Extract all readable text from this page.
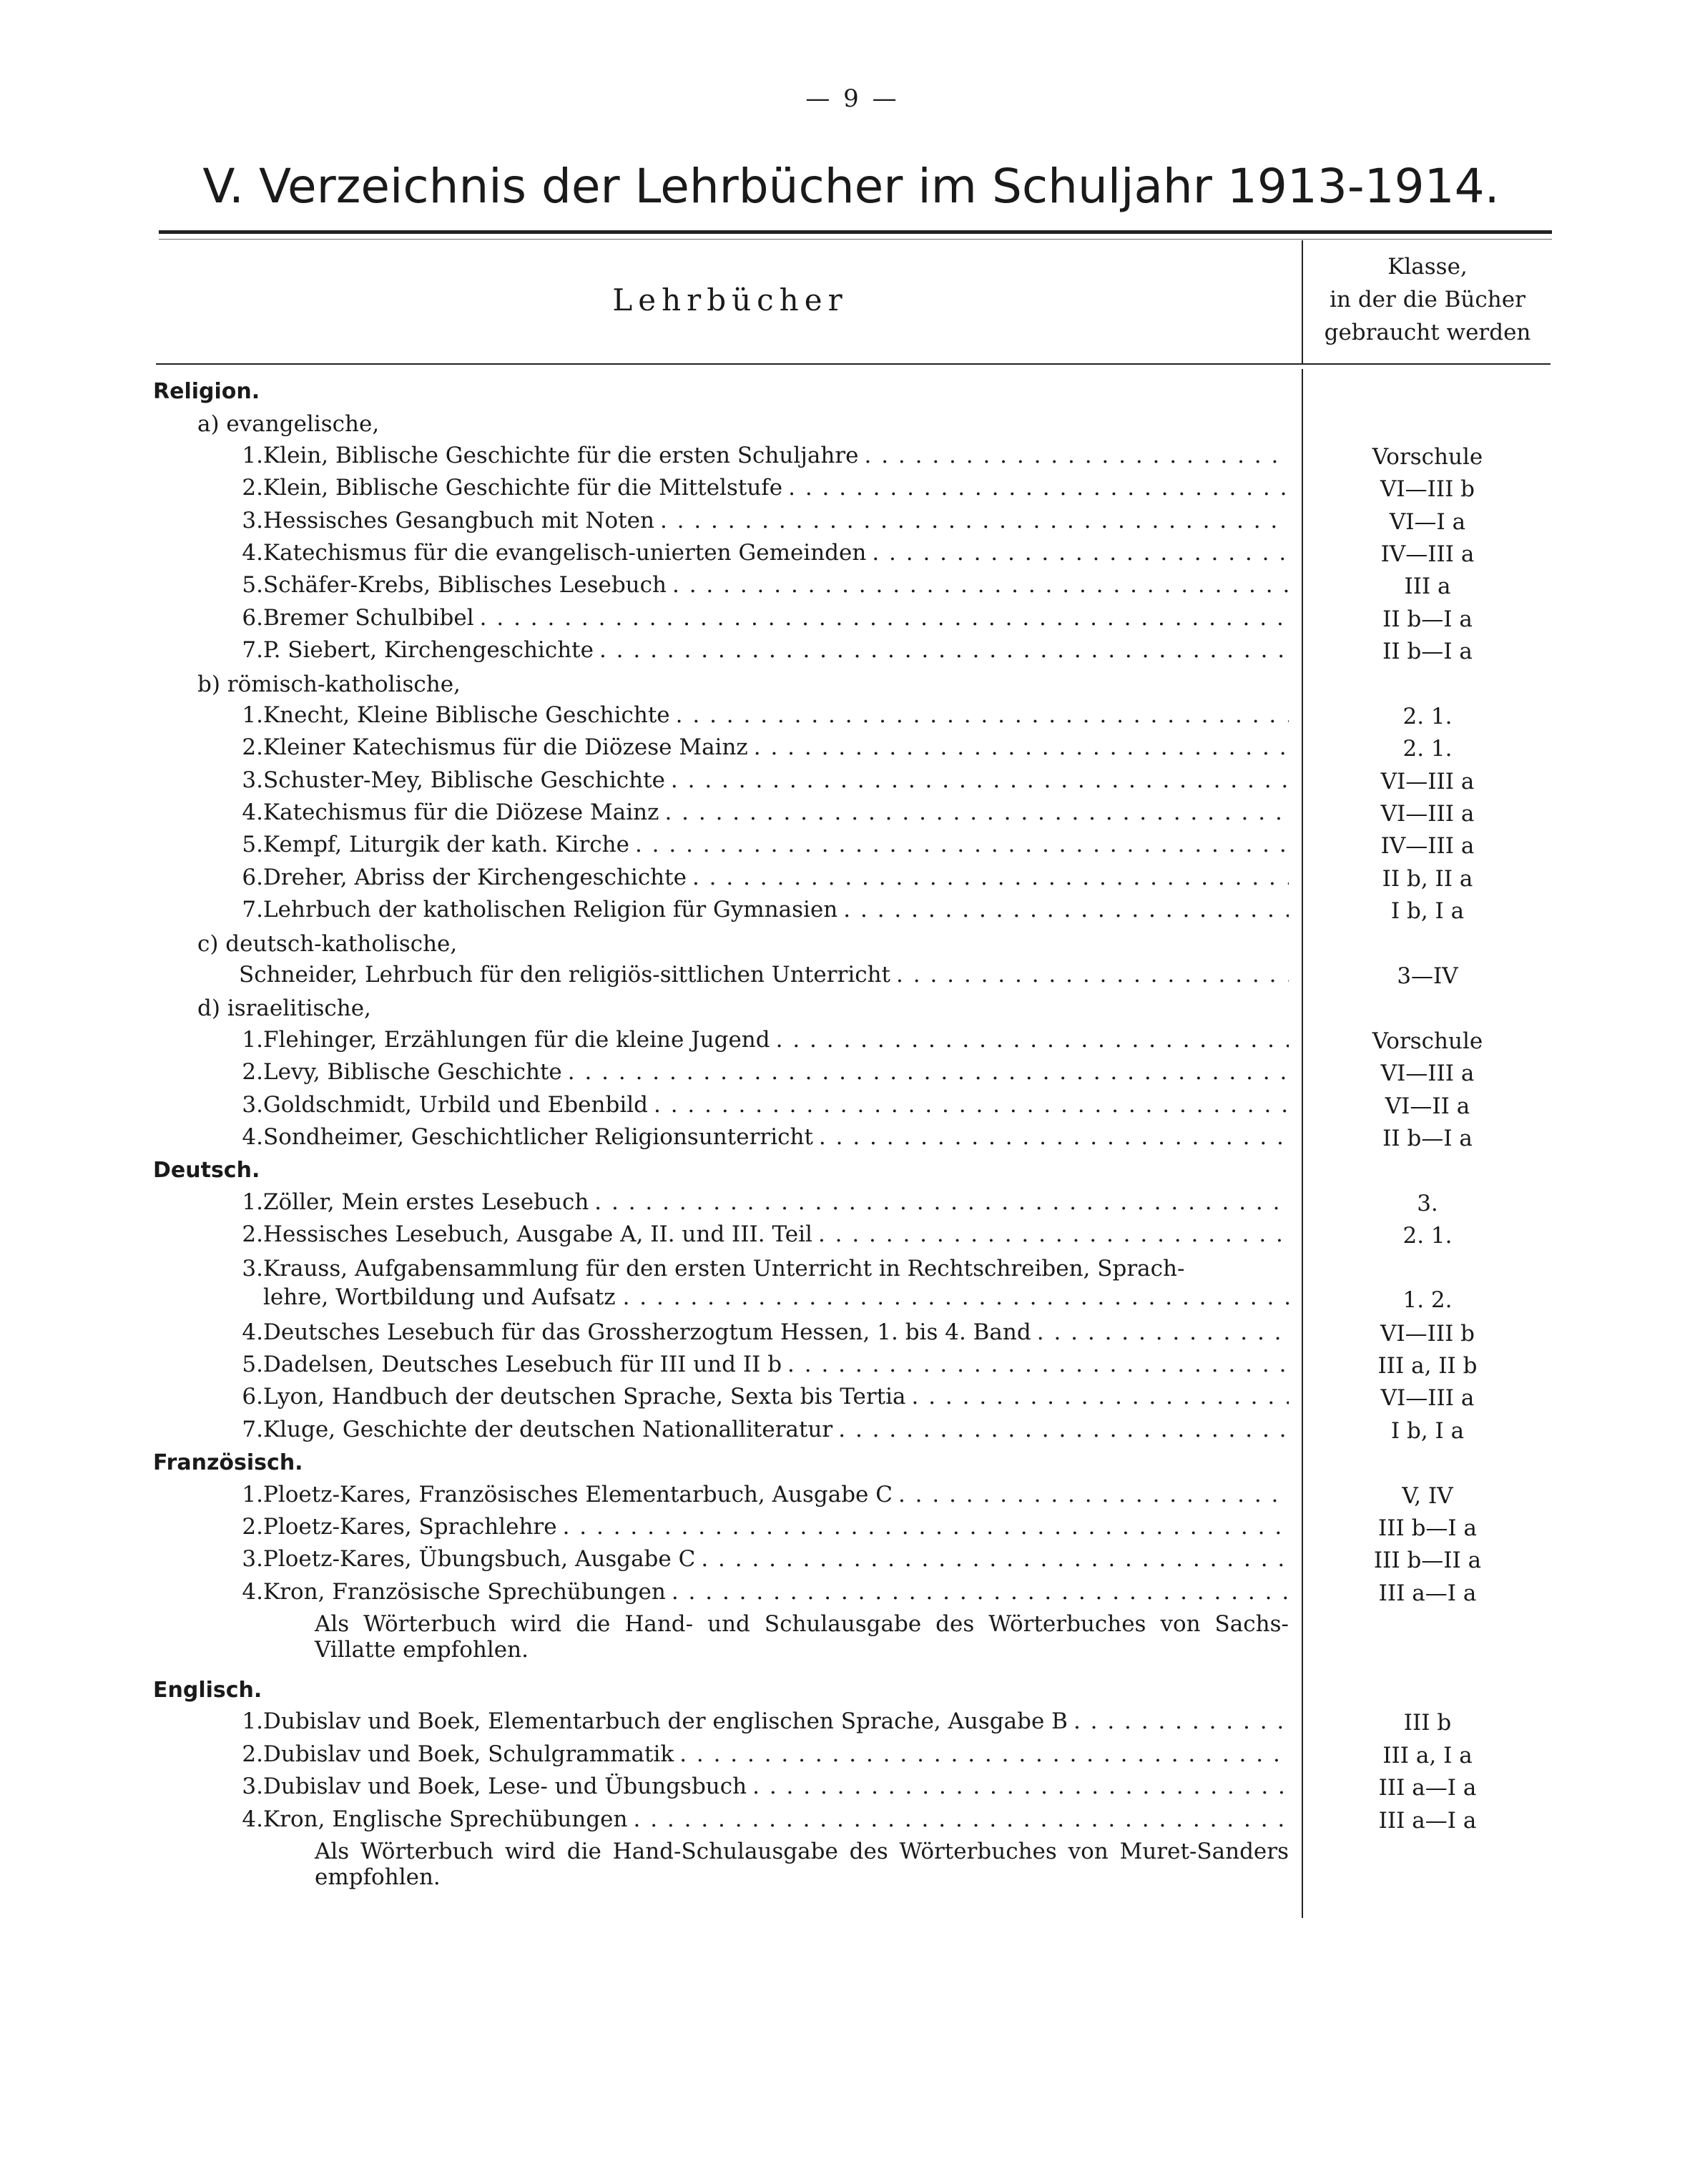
— 9 —
V. Verzeichnis der Lehrbücher im Schuljahr 1913-1914.
Lehrbücher
Klasse,
in der die Bücher
gebraucht werden
Religion.
a) evangelische,
1 . Klein, Biblische Geschichte für die ersten Schuljahre . . .	Vorschule
2 . Klein, Biblische Geschichte für die Mittelstufe . . .	VI—III b
3 . Hessisches Gesangbuch mit Noten . . .	VI—I a
4 . Katechismus für die evangelisch-unierten Gemeinden . . .	IV—III a
5 . Schäfer-Krebs, Biblisches Lesebuch . . .	III a
6 . Bremer Schulbibel . . .	II b—I a
7 . P. Siebert, Kirchengeschichte . . .	II b—I a
b) römisch-katholische,
1 . Knecht, Kleine Biblische Geschichte . . .	2. 1.
2 . Kleiner Katechismus für die Diözese Mainz . . .	2. 1.
3 . Schuster-Mey, Biblische Geschichte . . .	VI—III a
4 . Katechismus für die Diözese Mainz . . .	VI—III a
5 . Kempf, Liturgik der kath. Kirche . . .	IV—III a
6 . Dreher, Abriss der Kirchengeschichte . . .	II b, II a
7 . Lehrbuch der katholischen Religion für Gymnasien . . .	I b, I a
c) deutsch-katholische,
Schneider, Lehrbuch für den religiös-sittlichen Unterricht . . .	3—IV
d) israelitische,
1 . Flehinger, Erzählungen für die kleine Jugend . . .	Vorschule
2 . Levy, Biblische Geschichte . . .	VI—III a
3 . Goldschmidt, Urbild und Ebenbild . . .	VI—II a
4 . Sondheimer, Geschichtlicher Religionsunterricht . . .	II b—I a
Deutsch.
1 . Zöller, Mein erstes Lesebuch . . .	3.
2 . Hessisches Lesebuch, Ausgabe A, II. und III. Teil . . .	2. 1.
3 . Krauss, Aufgabensammlung für den ersten Unterricht in Rechtschreiben, Sprach-
lehre, Wortbildung und Aufsatz . . .	1. 2.
4 . Deutsches Lesebuch für das Grossherzogtum Hessen, 1. bis 4. Band . . .	VI—III b
5 . Dadelsen, Deutsches Lesebuch für III und II b . . .	III a, II b
6 . Lyon, Handbuch der deutschen Sprache, Sexta bis Tertia . . .	VI—III a
7 . Kluge, Geschichte der deutschen Nationalliteratur . . .	I b, I a
Französisch.
1 . Ploetz-Kares, Französisches Elementarbuch, Ausgabe C . . .	V, IV
2 . Ploetz-Kares, Sprachlehre . . .	III b—I a
3 . Ploetz-Kares, Übungsbuch, Ausgabe C . . .	III b—II a
4 . Kron, Französische Sprechübungen . . .	III a—I a
Als Wörterbuch wird die Hand- und Schulausgabe des Wörterbuches von Sachs-Villatte empfohlen.
Englisch.
1 . Dubislav und Boek, Elementarbuch der englischen Sprache, Ausgabe B . . .	III b
2 . Dubislav und Boek, Schulgrammatik . . .	III a, I a
3 . Dubislav und Boek, Lese- und Übungsbuch . . .	III a—I a
4 . Kron, Englische Sprechübungen . . .	III a—I a
Als Wörterbuch wird die Hand-Schulausgabe des Wörterbuches von Muret-Sanders empfohlen.
